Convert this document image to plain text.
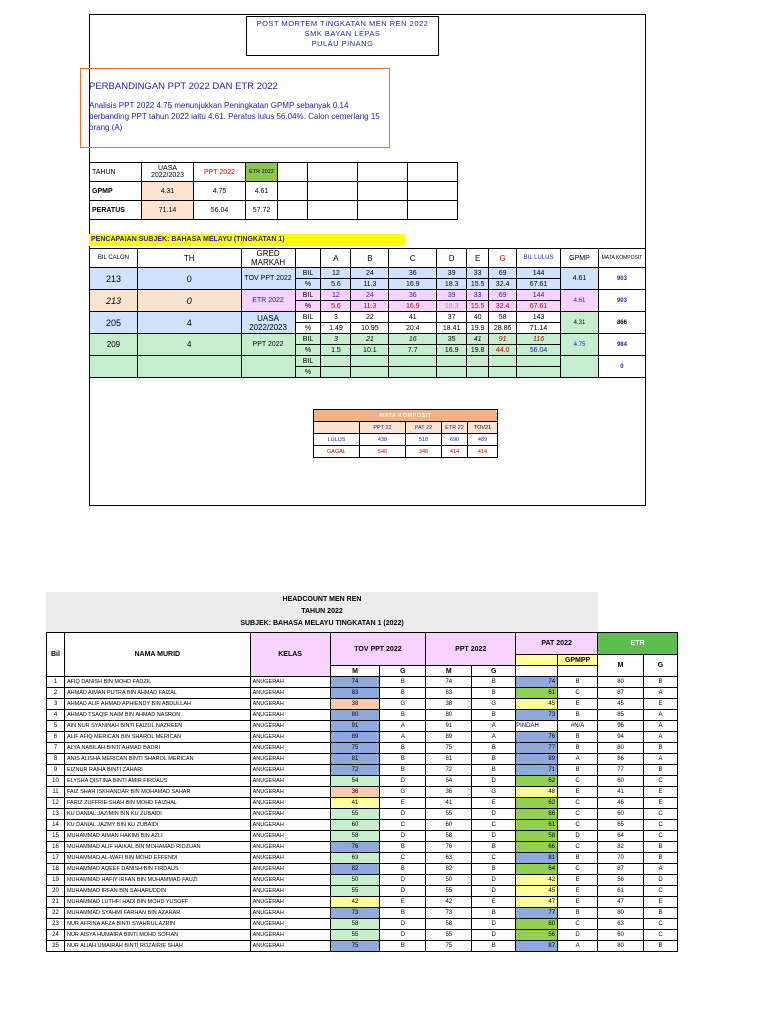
POST MORTEM TINGKATAN MEN REN 2022
SMK BAYAN LEPAS
PULAU PINANG
PERBANDINGAN PPT 2022 DAN ETR 2022
Analisis PPT 2022 4.75 menunjukkan Peningkatan GPMP sebanyak 0.14 berbanding PPT tahun 2022 iaitu 4.61. Peratus lulus 56.04%. Calon cemerlang 15 orang (A)
TAHUN	UASA 2022/2023	PPT 2022	ETR 2022				
GPMP	4.31	4.75	4.61				
PERATUS	71.14	56.04	57.72				
PENCAPAIAN SUBJEK: BAHASA MELAYU (TINGKATAN 1)
BIL CALON	TH	GRED MARKAH		A	B	C	D	E	G	BIL LULUS	GPMP	MATA KOMPOSIT
213	0	TOV PPT 2022	BIL	12	24	36	39	33	69	144	4.61	903
			%	5.6	11.3	16.9	18.3	15.5	32.4	67.61		
213	0	ETR 2022	BIL	12	24	36	39	33	69	144	4.61	903
			%	5.6	11.3	16.9	18.3	15.5	32.4	67.61		
205	4	UASA 2022/2023	BIL	3	22	41	37	40	58	143	4.31	866
			%	1.49	10.95	20.4	18.41	19.9	28.86	71.14		
209	4	PPT 2022	BIL	3	21	16	35	41	91	116	4.75	984
			%	1.5	10.1	7.7	16.9	19.8	44.0	56.04		
			BIL									0
			%									
MATA KOMPOSIT				
	PPT 22	PAT 22	ETR 22	TOV21
LULUS	438	518	690	489
GAGAL	546	348	414	414
HEADCOUNT MEN REN
TAHUN 2022
SUBJEK: BAHASA MELAYU TINGKATAN 1 (2022)
Bil	NAMA MURID	KELAS	TOV PPT 2022		PPT 2022		PAT 2022		ETR	
								GPMPP	M	G
			M	G	M	G				
1	AFIQ DANISH BIN MOHD FADZIL	ANUGERAH	74	B	74	B	74	B	80	B
2	AHMAD AIMAN PUTRA BIN AHMAD FAIZAL	ANUGERAH	83	B	83	B	61	C	87	A
3	AHMAD ALIF AHMAD APHIENDY BIN ABDULLAH	ANUGERAH	38	G	38	G	45	E	45	E
4	AHMAD TSAQIF NAIM BIN AHMAD NASRON	ANUGERAH	80	B	80	B	73	B	85	A
5	AIN NUR SYANINAH BINTI FAIZUL NAZREEN	ANUGERAH	91	A	91	A	PINDAH	#N/A	96	A
6	ALIF AFIQ MERICAN BIN SHAROL MERICAN	ANUGERAH	89	A	89	A	76	B	94	A
7	ALYA NABILAH BINTI AHMAD BADRI	ANUGERAH	75	B	75	B	77	B	80	B
8	ANIS ALISHA MERICAN BINTI SHAROL MERICAN	ANUGERAH	81	B	81	B	89	A	86	A
9	EIZNUR RAIHA BINTI ZAHARI	ANUGERAH	72	B	72	B	71	B	77	B
10	ELYSHA QISTINA BINTI AMIR FIRDAUS	ANUGERAH	54	D	54	D	62	C	60	C
11	FAIZ SHAH ISKHANDAR BIN MOHAMAD SAHAR	ANUGERAH	36	G	36	G	48	E	41	E
12	FARIZ ZUFFRIE SHAH BIN MOHD FAIZHAL	ANUGERAH	41	E	41	E	62	C	46	E
13	KU DANIAL JAZIMIN BIN KU ZUBAIDI	ANUGERAH	55	D	55	D	66	C	60	C
14	KU DANIAL JAZMY BIN KU ZUBAIDI	ANUGERAH	60	C	60	C	61	C	65	C
15	MUHAMMAD AIMAN HAKIMI BIN AZLI	ANUGERAH	58	D	58	D	58	D	64	C
16	MUHAMMAD ALIF HAIKAL BIN MOHAMAD RIDZUAN	ANUGERAH	76	B	76	B	66	C	82	B
17	MUHAMMAD AL-WAFI BIN MOHD EFFENDI	ANUGERAH	63	C	63	C	81	B	70	B
18	MUHAMMAD AQEEF DANISH BIN FIRDAUS	ANUGERAH	82	B	82	B	64	C	87	A
19	MUHAMMAD HAFIY IRFAN BIN MUHAMMAD FAUZI	ANUGERAH	50	D	50	D	42	E	56	D
20	MUHAMMAD IRFAN BIN SAHARUDDIN	ANUGERAH	55	D	55	D	45	E	61	C
21	MUHAMMAD LUTHFI HADI BIN MOHD YUSOFF	ANUGERAH	42	E	42	E	47	E	47	E
22	MUHAMMAD SYAHMI FARHAN BIN AZAHAR	ANUGERAH	73	B	73	B	77	B	80	B
23	NUR AFRINA AFZA BINTI SYAHRUL AZRIN	ANUGERAH	58	D	58	D	60	C	63	C
24	NUR AISYA HUMAIRA BINTI MOHD SOFIAN	ANUGERAH	55	D	55	D	56	D	60	C
25	NUR ALIAH UMAIRAH BINTI ROZAIRIE SHAH	ANUGERAH	75	B	75	B	87	A	80	B
